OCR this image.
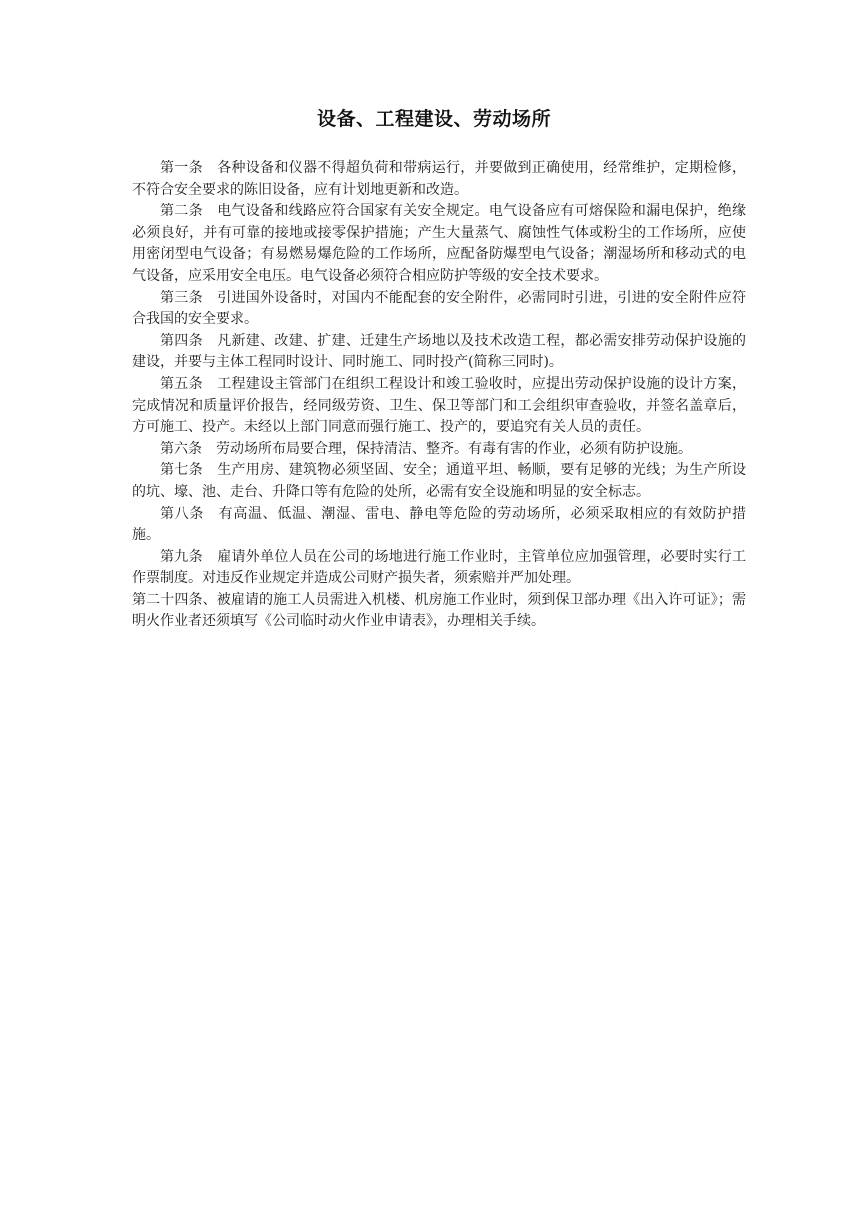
设备、工程建设、劳动场所

第一条　各种设备和仪器不得超负荷和带病运行，并要做到正确使用，经常维护，定期检修，不符合安全要求的陈旧设备，应有计划地更新和改造。

第二条　电气设备和线路应符合国家有关安全规定。电气设备应有可熔保险和漏电保护，绝缘必须良好，并有可靠的接地或接零保护措施；产生大量蒸气、腐蚀性气体或粉尘的工作场所，应使用密闭型电气设备；有易燃易爆危险的工作场所，应配备防爆型电气设备；潮湿场所和移动式的电气设备，应采用安全电压。电气设备必须符合相应防护等级的安全技术要求。

第三条　引进国外设备时，对国内不能配套的安全附件，必需同时引进，引进的安全附件应符合我国的安全要求。

第四条　凡新建、改建、扩建、迁建生产场地以及技术改造工程，都必需安排劳动保护设施的建设，并要与主体工程同时设计、同时施工、同时投产(简称三同时)。

第五条　工程建设主管部门在组织工程设计和竣工验收时，应提出劳动保护设施的设计方案，完成情况和质量评价报告，经同级劳资、卫生、保卫等部门和工会组织审查验收，并签名盖章后，方可施工、投产。未经以上部门同意而强行施工、投产的，要追究有关人员的责任。

第六条　劳动场所布局要合理，保持清洁、整齐。有毒有害的作业，必须有防护设施。

第七条　生产用房、建筑物必须坚固、安全；通道平坦、畅顺，要有足够的光线；为生产所设的坑、壕、池、走台、升降口等有危险的处所，必需有安全设施和明显的安全标志。

第八条　有高温、低温、潮湿、雷电、静电等危险的劳动场所，必须采取相应的有效防护措施。

第九条　雇请外单位人员在公司的场地进行施工作业时，主管单位应加强管理，必要时实行工作票制度。对违反作业规定并造成公司财产损失者，须索赔并严加处理。

第二十四条、被雇请的施工人员需进入机楼、机房施工作业时，须到保卫部办理《出入许可证》；需明火作业者还须填写《公司临时动火作业申请表》，办理相关手续。
